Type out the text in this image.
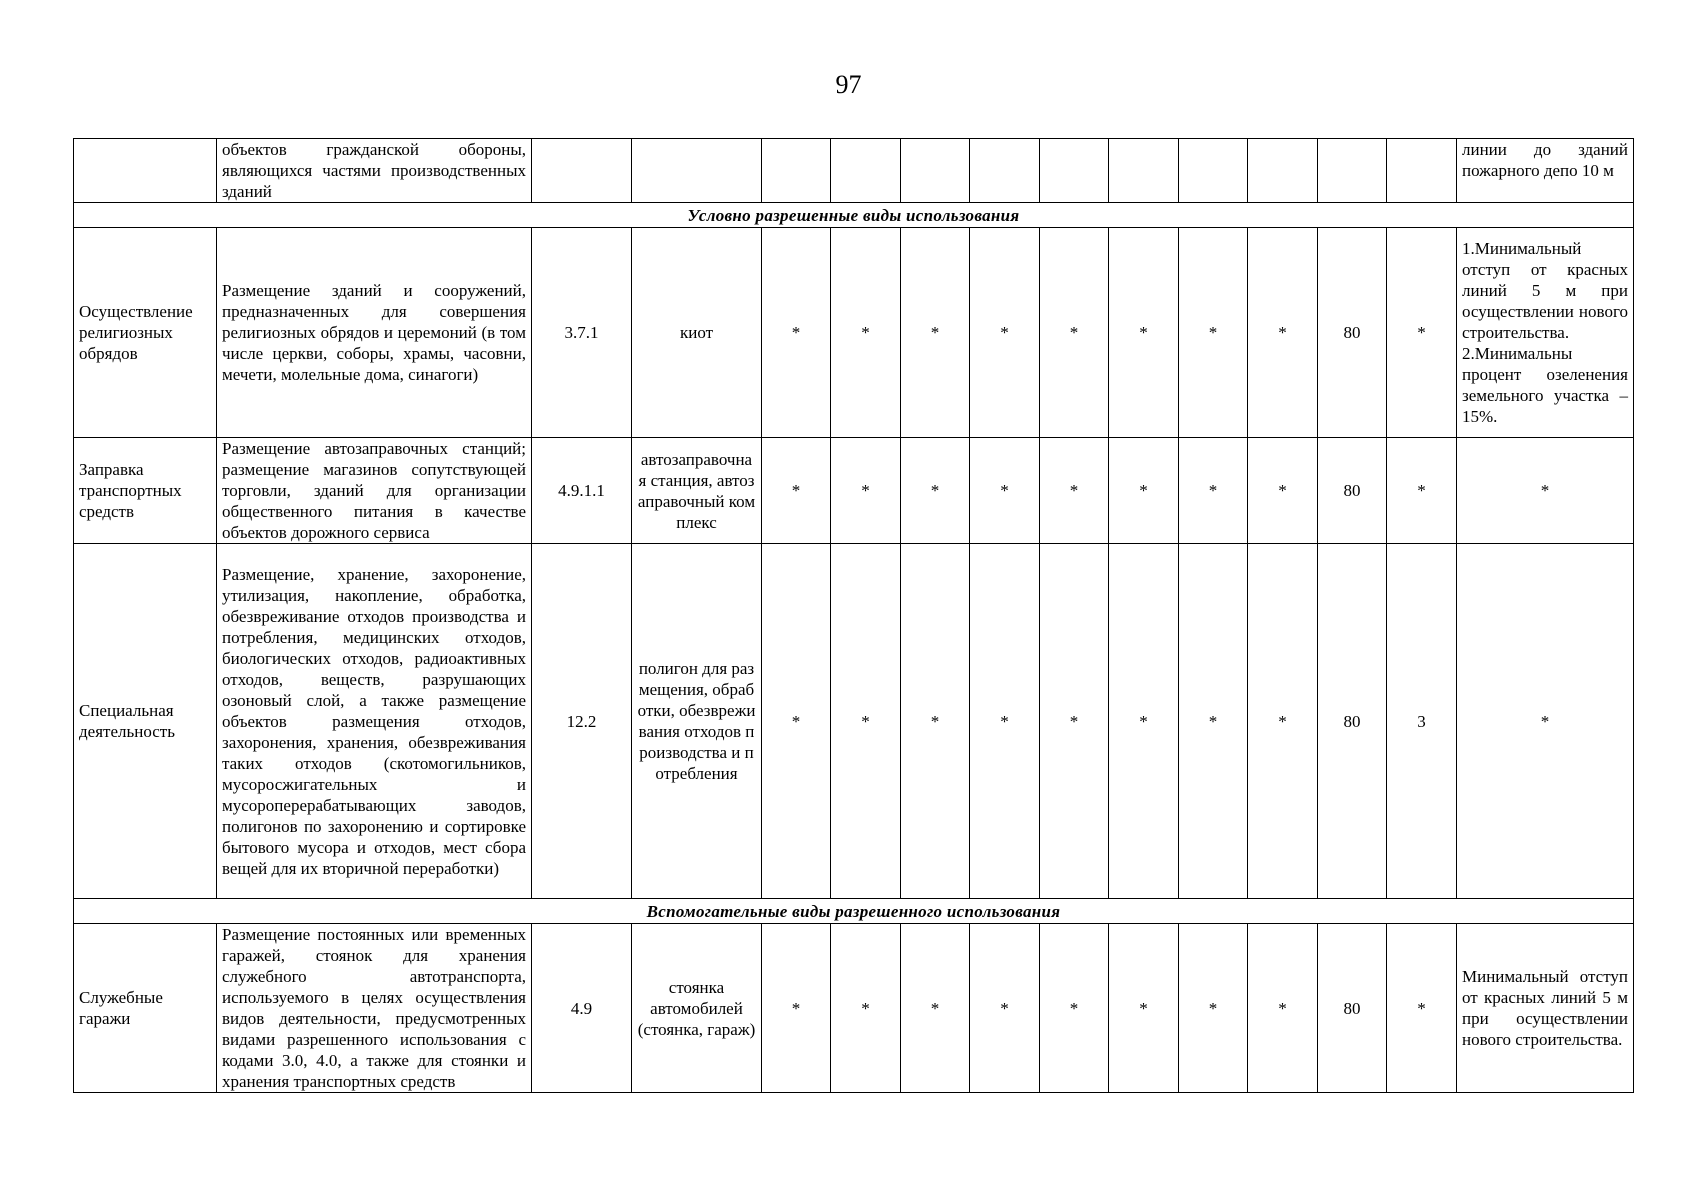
97
	объектов гражданской обороны, являющихся частями производственных зданий													линии до зданий пожарного депо 10 м
Условно разрешенные виды использования														
Осуществление религиозных обрядов	Размещение зданий и сооружений, предназначенных для совершения религиозных обрядов и церемоний (в том числе церкви, соборы, храмы, часовни, мечети, молельные дома, синагоги)	3.7.1	киот	*	*	*	*	*	*	*	*	80	*	1.Минимальный отступ от красных линий 5 м при осуществлении нового строительства. 2.Минимальны процент озеленения земельного участка – 15%.
Заправка транспортных средств	Размещение автозаправочных станций; размещение магазинов сопутствующей торговли, зданий для организации общественного питания в качестве объектов дорожного сервиса	4.9.1.1	автозаправочная станция, автозаправочный комплекс	*	*	*	*	*	*	*	*	80	*	*
Специальная деятельность	Размещение, хранение, захоронение, утилизация, накопление, обработка, обезвреживание отходов производства и потребления, медицинских отходов, биологических отходов, радиоактивных отходов, веществ, разрушающих озоновый слой, а также размещение объектов размещения отходов, захоронения, хранения, обезвреживания таких отходов (скотомогильников, мусоросжигательных и мусороперерабатывающих заводов, полигонов по захоронению и сортировке бытового мусора и отходов, мест сбора вещей для их вторичной переработки)	12.2	полигон для размещения, обработки, обезвреживания отходов производства и потребления	*	*	*	*	*	*	*	*	80	3	*
Вспомогательные виды разрешенного использования														
Служебные гаражи	Размещение постоянных или временных гаражей, стоянок для хранения служебного автотранспорта, используемого в целях осуществления видов деятельности, предусмотренных видами разрешенного использования с кодами 3.0, 4.0, а также для стоянки и хранения транспортных средств	4.9	стоянка автомобилей (стоянка, гараж)	*	*	*	*	*	*	*	*	80	*	Минимальный отступ от красных линий 5 м при осуществлении нового строительства.
